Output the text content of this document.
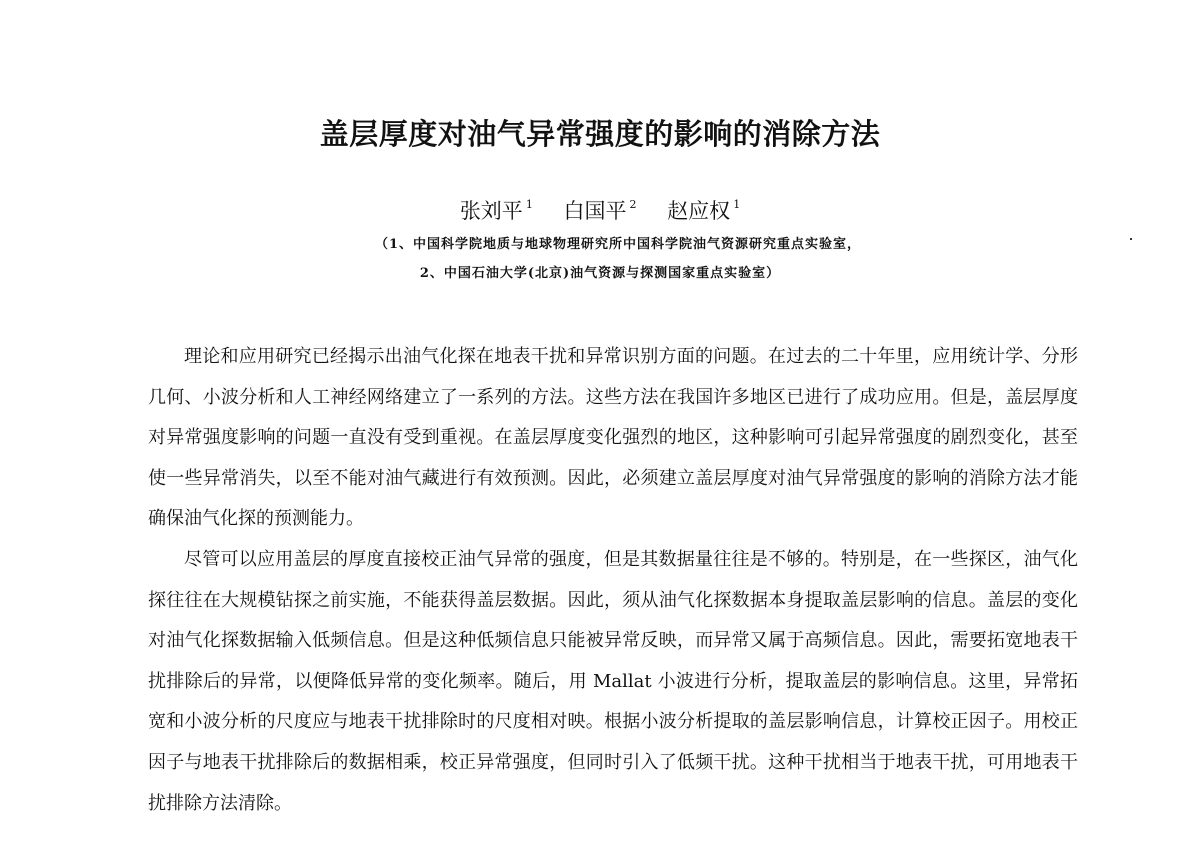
盖层厚度对油气异常强度的影响的消除方法
张刘平 $^1$ 白国平 $^2$ 赵应权 $^1$
（1、中国科学院地质与地球物理研究所中国科学院油气资源研究重点实验室，
2、中国石油大学(北京)油气资源与探测国家重点实验室）

理论和应用研究已经揭示出油气化探在地表干扰和异常识别方面的问题。在过去的二十年里，应用统计学、分形几何、小波分析和人工神经网络建立了一系列的方法。这些方法在我国许多地区已进行了成功应用。但是，盖层厚度对异常强度影响的问题一直没有受到重视。在盖层厚度变化强烈的地区，这种影响可引起异常强度的剧烈变化，甚至使一些异常消失，以至不能对油气藏进行有效预测。因此，必须建立盖层厚度对油气异常强度的影响的消除方法才能确保油气化探的预测能力。

尽管可以应用盖层的厚度直接校正油气异常的强度，但是其数据量往往是不够的。特别是，在一些探区，油气化探往往在大规模钻探之前实施，不能获得盖层数据。因此，须从油气化探数据本身提取盖层影响的信息。盖层的变化对油气化探数据输入低频信息。但是这种低频信息只能被异常反映，而异常又属于高频信息。因此，需要拓宽地表干扰排除后的异常，以便降低异常的变化频率。随后，用 Mallat 小波进行分析，提取盖层的影响信息。这里，异常拓宽和小波分析的尺度应与地表干扰排除时的尺度相对映。根据小波分析提取的盖层影响信息，计算校正因子。用校正因子与地表干扰排除后的数据相乘，校正异常强度，但同时引入了低频干扰。这种干扰相当于地表干扰，可用地表干扰排除方法清除。
